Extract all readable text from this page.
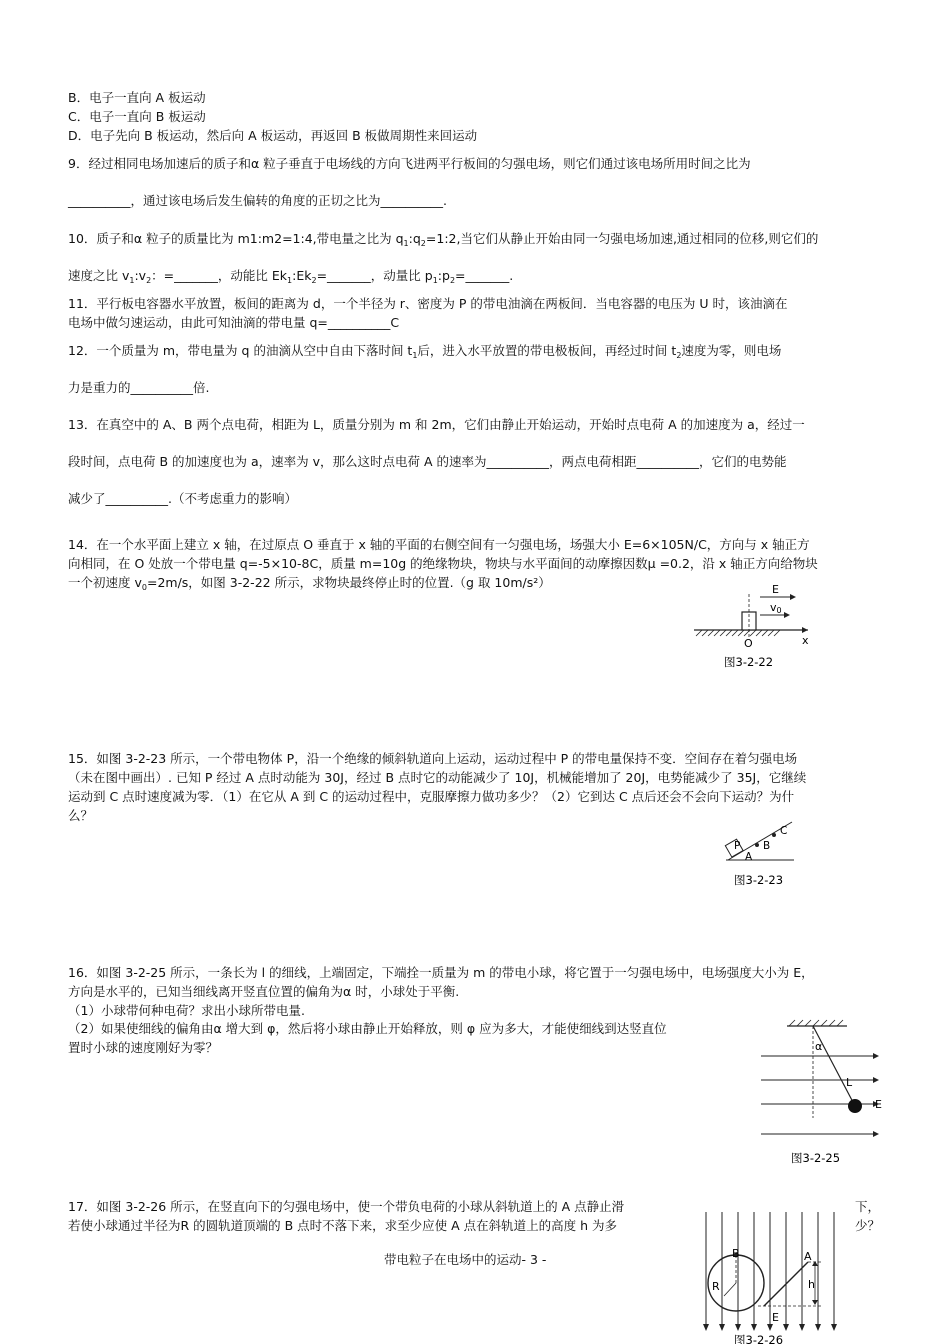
B．电子一直向 A 板运动
C．电子一直向 B 板运动
D．电子先向 B 板运动，然后向 A 板运动，再返回 B 板做周期性来回运动
9．经过相同电场加速后的质子和α 粒子垂直于电场线的方向飞进两平行板间的匀强电场，则它们通过该电场所用时间之比为
__________，通过该电场后发生偏转的角度的正切之比为__________.
10．质子和α 粒子的质量比为 m1:m2=1:4,带电量之比为 $q_1:q_2=1:2$,当它们从静止开始由同一匀强电场加速,通过相同的位移,则它们的
速度之比 $v_1:v_2$：=_______，动能比 $Ek_1:Ek_2=\_\_\_\_\_\_\_$，动量比 $p_1:p_2=\_\_\_\_\_\_\_$.
11．平行板电容器水平放置，板间的距离为 d，一个半径为 r、密度为 P 的带电油滴在两板间．当电容器的电压为 U 时，该油滴在
电场中做匀速运动，由此可知油滴的带电量 q=__________C
12．一个质量为 m，带电量为 q 的油滴从空中自由下落时间 $t_1$后，进入水平放置的带电极板间，再经过时间 $t_2$速度为零，则电场
力是重力的__________倍.
13．在真空中的 A、B 两个点电荷，相距为 L，质量分别为 m 和 2m，它们由静止开始运动，开始时点电荷 A 的加速度为 a，经过一
段时间，点电荷 B 的加速度也为 a，速率为 v，那么这时点电荷 A 的速率为__________，两点电荷相距__________，它们的电势能
减少了__________.（不考虑重力的影响）
14．在一个水平面上建立 x 轴，在过原点 O 垂直于 x 轴的平面的右侧空间有一匀强电场，场强大小 E=6×105N/C，方向与 x 轴正方
向相同，在 O 处放一个带电量 q=-5×10-8C，质量 m=10g 的绝缘物块，物块与水平面间的动摩擦因数μ =0.2，沿 x 轴正方向给物块
一个初速度 $v_0=2m/s$，如图 3-2-22 所示，求物块最终停止时的位置.（g 取 10m/s²）	E
v0
O	x
图3-2-22
15．如图 3-2-23 所示，一个带电物体 P，沿一个绝缘的倾斜轨道向上运动，运动过程中 P 的带电量保持不变．空间存在着匀强电场
（未在图中画出）. 已知 P 经过 A 点时动能为 30J，经过 B 点时它的动能减少了 10J，机械能增加了 20J，电势能减少了 35J，它继续
运动到 C 点时速度减为零．（1）在它从 A 到 C 的运动过程中，克服摩擦力做功多少？（2）它到达 C 点后还会不会向下运动？为什
么？
P
A
B
C
图3-2-23
16．如图 3-2-25 所示，一条长为 l 的细线，上端固定，下端拴一质量为 m 的带电小球，将它置于一匀强电场中，电场强度大小为 E，
方向是水平的，已知当细线离开竖直位置的偏角为α 时，小球处于平衡.
（1）小球带何种电荷？求出小球所带电量.
（2）如果使细线的偏角由α 增大到 φ，然后将小球由静止开始释放，则 φ 应为多大，才能使细线到达竖直位
置时小球的速度刚好为零？	α
L
E
图3-2-25
17．如图 3-2-26 所示，在竖直向下的匀强电场中，使一个带负电荷的小球从斜轨道上的 A 点静止滑	下，
若使小球通过半径为R 的圆轨道顶端的 B 点时不落下来，求至少应使 A 点在斜轨道上的高度 h 为多	少？
B
R
A
h
E
图3-2-26
带电粒子在电场中的运动- 3 -
